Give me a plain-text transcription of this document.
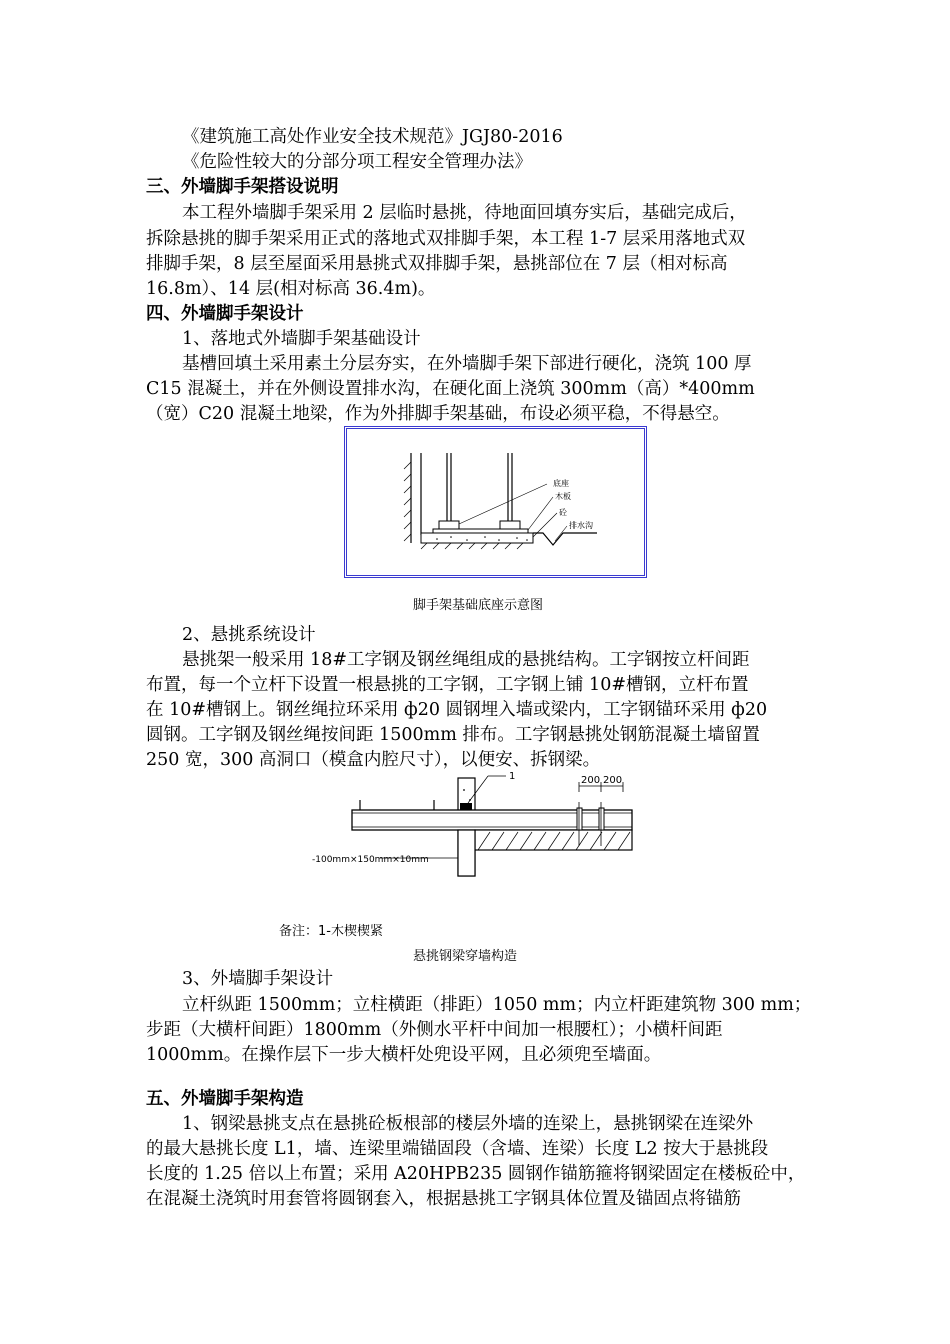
《建筑施工高处作业安全技术规范》JGJ80-2016
《危险性较大的分部分项工程安全管理办法》
三、外墙脚手架搭设说明
本工程外墙脚手架采用 2 层临时悬挑，待地面回填夯实后，基础完成后，
拆除悬挑的脚手架采用正式的落地式双排脚手架，本工程 1-7 层采用落地式双
排脚手架，8 层至屋面采用悬挑式双排脚手架，悬挑部位在 7 层（相对标高
16.8m）、14 层(相对标高 36.4m)。
四、外墙脚手架设计
1、落地式外墙脚手架基础设计
基槽回填土采用素土分层夯实，在外墙脚手架下部进行硬化，浇筑 100 厚
C15 混凝土，并在外侧设置排水沟，在硬化面上浇筑 300mm（高）*400mm
（宽）C20 混凝土地梁，作为外排脚手架基础，布设必须平稳，不得悬空。
底座
木板
砼
排水沟
脚手架基础底座示意图
2、悬挑系统设计
悬挑架一般采用 18#工字钢及钢丝绳组成的悬挑结构。工字钢按立杆间距
布置，每一个立杆下设置一根悬挑的工字钢，工字钢上铺 10#槽钢，立杆布置
在 10#槽钢上。钢丝绳拉环采用 ф20 圆钢埋入墙或梁内，工字钢锚环采用 ф20
圆钢。工字钢及钢丝绳按间距 1500mm 排布。工字钢悬挑处钢筋混凝土墙留置
250 宽，300 高洞口（模盒内腔尺寸），以便安、拆钢梁。
200 200
1
-100mm×150mm×10mm
备注：1-木楔楔紧
悬挑钢梁穿墙构造
3、外墙脚手架设计
立杆纵距 1500mm；立柱横距（排距）1050 mm；内立杆距建筑物 300 mm；
步距（大横杆间距）1800mm（外侧水平杆中间加一根腰杠）；小横杆间距
1000mm。在操作层下一步大横杆处兜设平网，且必须兜至墙面。
五、外墙脚手架构造
1、钢梁悬挑支点在悬挑砼板根部的楼层外墙的连梁上，悬挑钢梁在连梁外
的最大悬挑长度 L1，墙、连梁里端锚固段（含墙、连梁）长度 L2 按大于悬挑段
长度的 1.25 倍以上布置；采用 A20HPB235 圆钢作锚筋箍将钢梁固定在楼板砼中，
在混凝土浇筑时用套管将圆钢套入，根据悬挑工字钢具体位置及锚固点将锚筋
